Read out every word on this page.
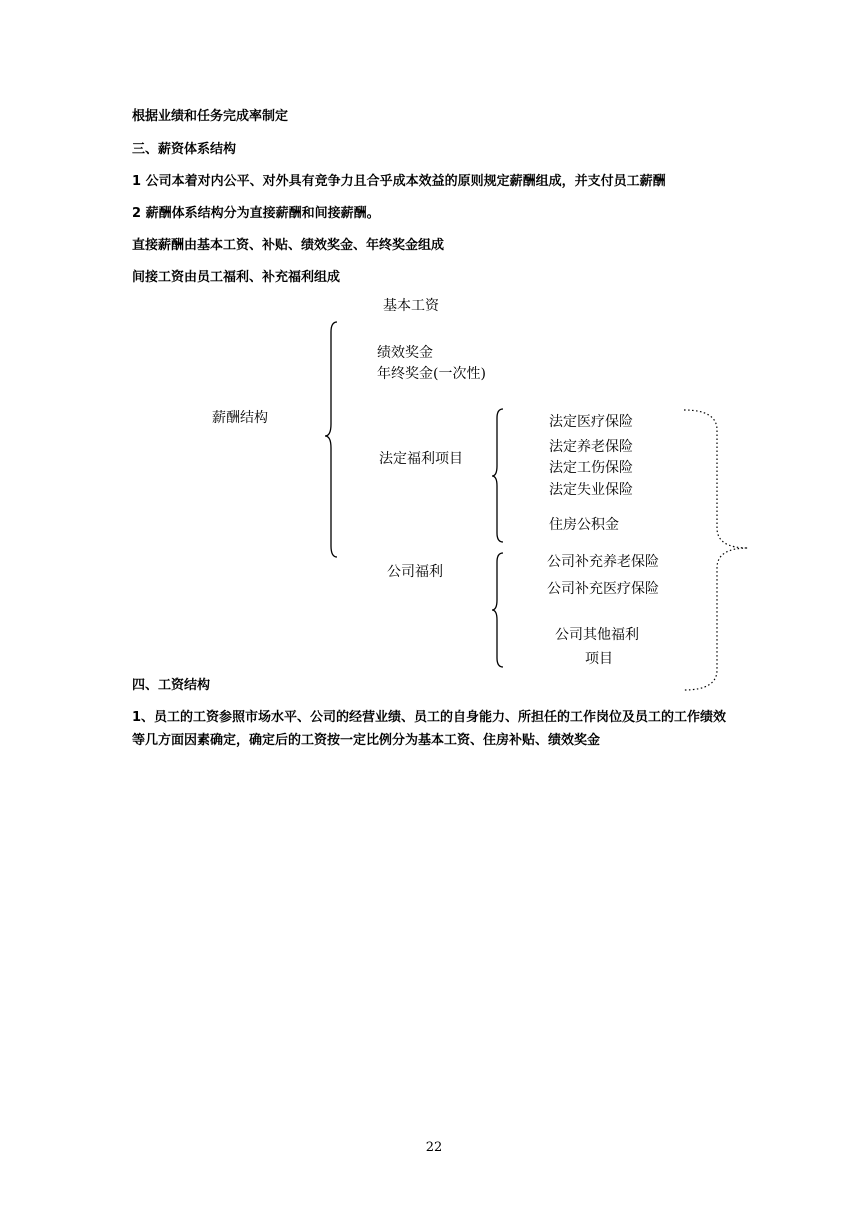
根据业绩和任务完成率制定
三、薪资体系结构
1 公司本着对内公平、对外具有竞争力且合乎成本效益的原则规定薪酬组成，并支付员工薪酬
2 薪酬体系结构分为直接薪酬和间接薪酬。
直接薪酬由基本工资、补贴、绩效奖金、年终奖金组成
间接工资由员工福利、补充福利组成
基本工资
绩效奖金
年终奖金(一次性)
薪酬结构
法定福利项目
公司福利
法定医疗保险
法定养老保险
法定工伤保险
法定失业保险
住房公积金
公司补充养老保险
公司补充医疗保险
公司其他福利
项目
四、工资结构
1、员工的工资参照市场水平、公司的经营业绩、员工的自身能力、所担任的工作岗位及员工的工作绩效
等几方面因素确定，确定后的工资按一定比例分为基本工资、住房补贴、绩效奖金
22
